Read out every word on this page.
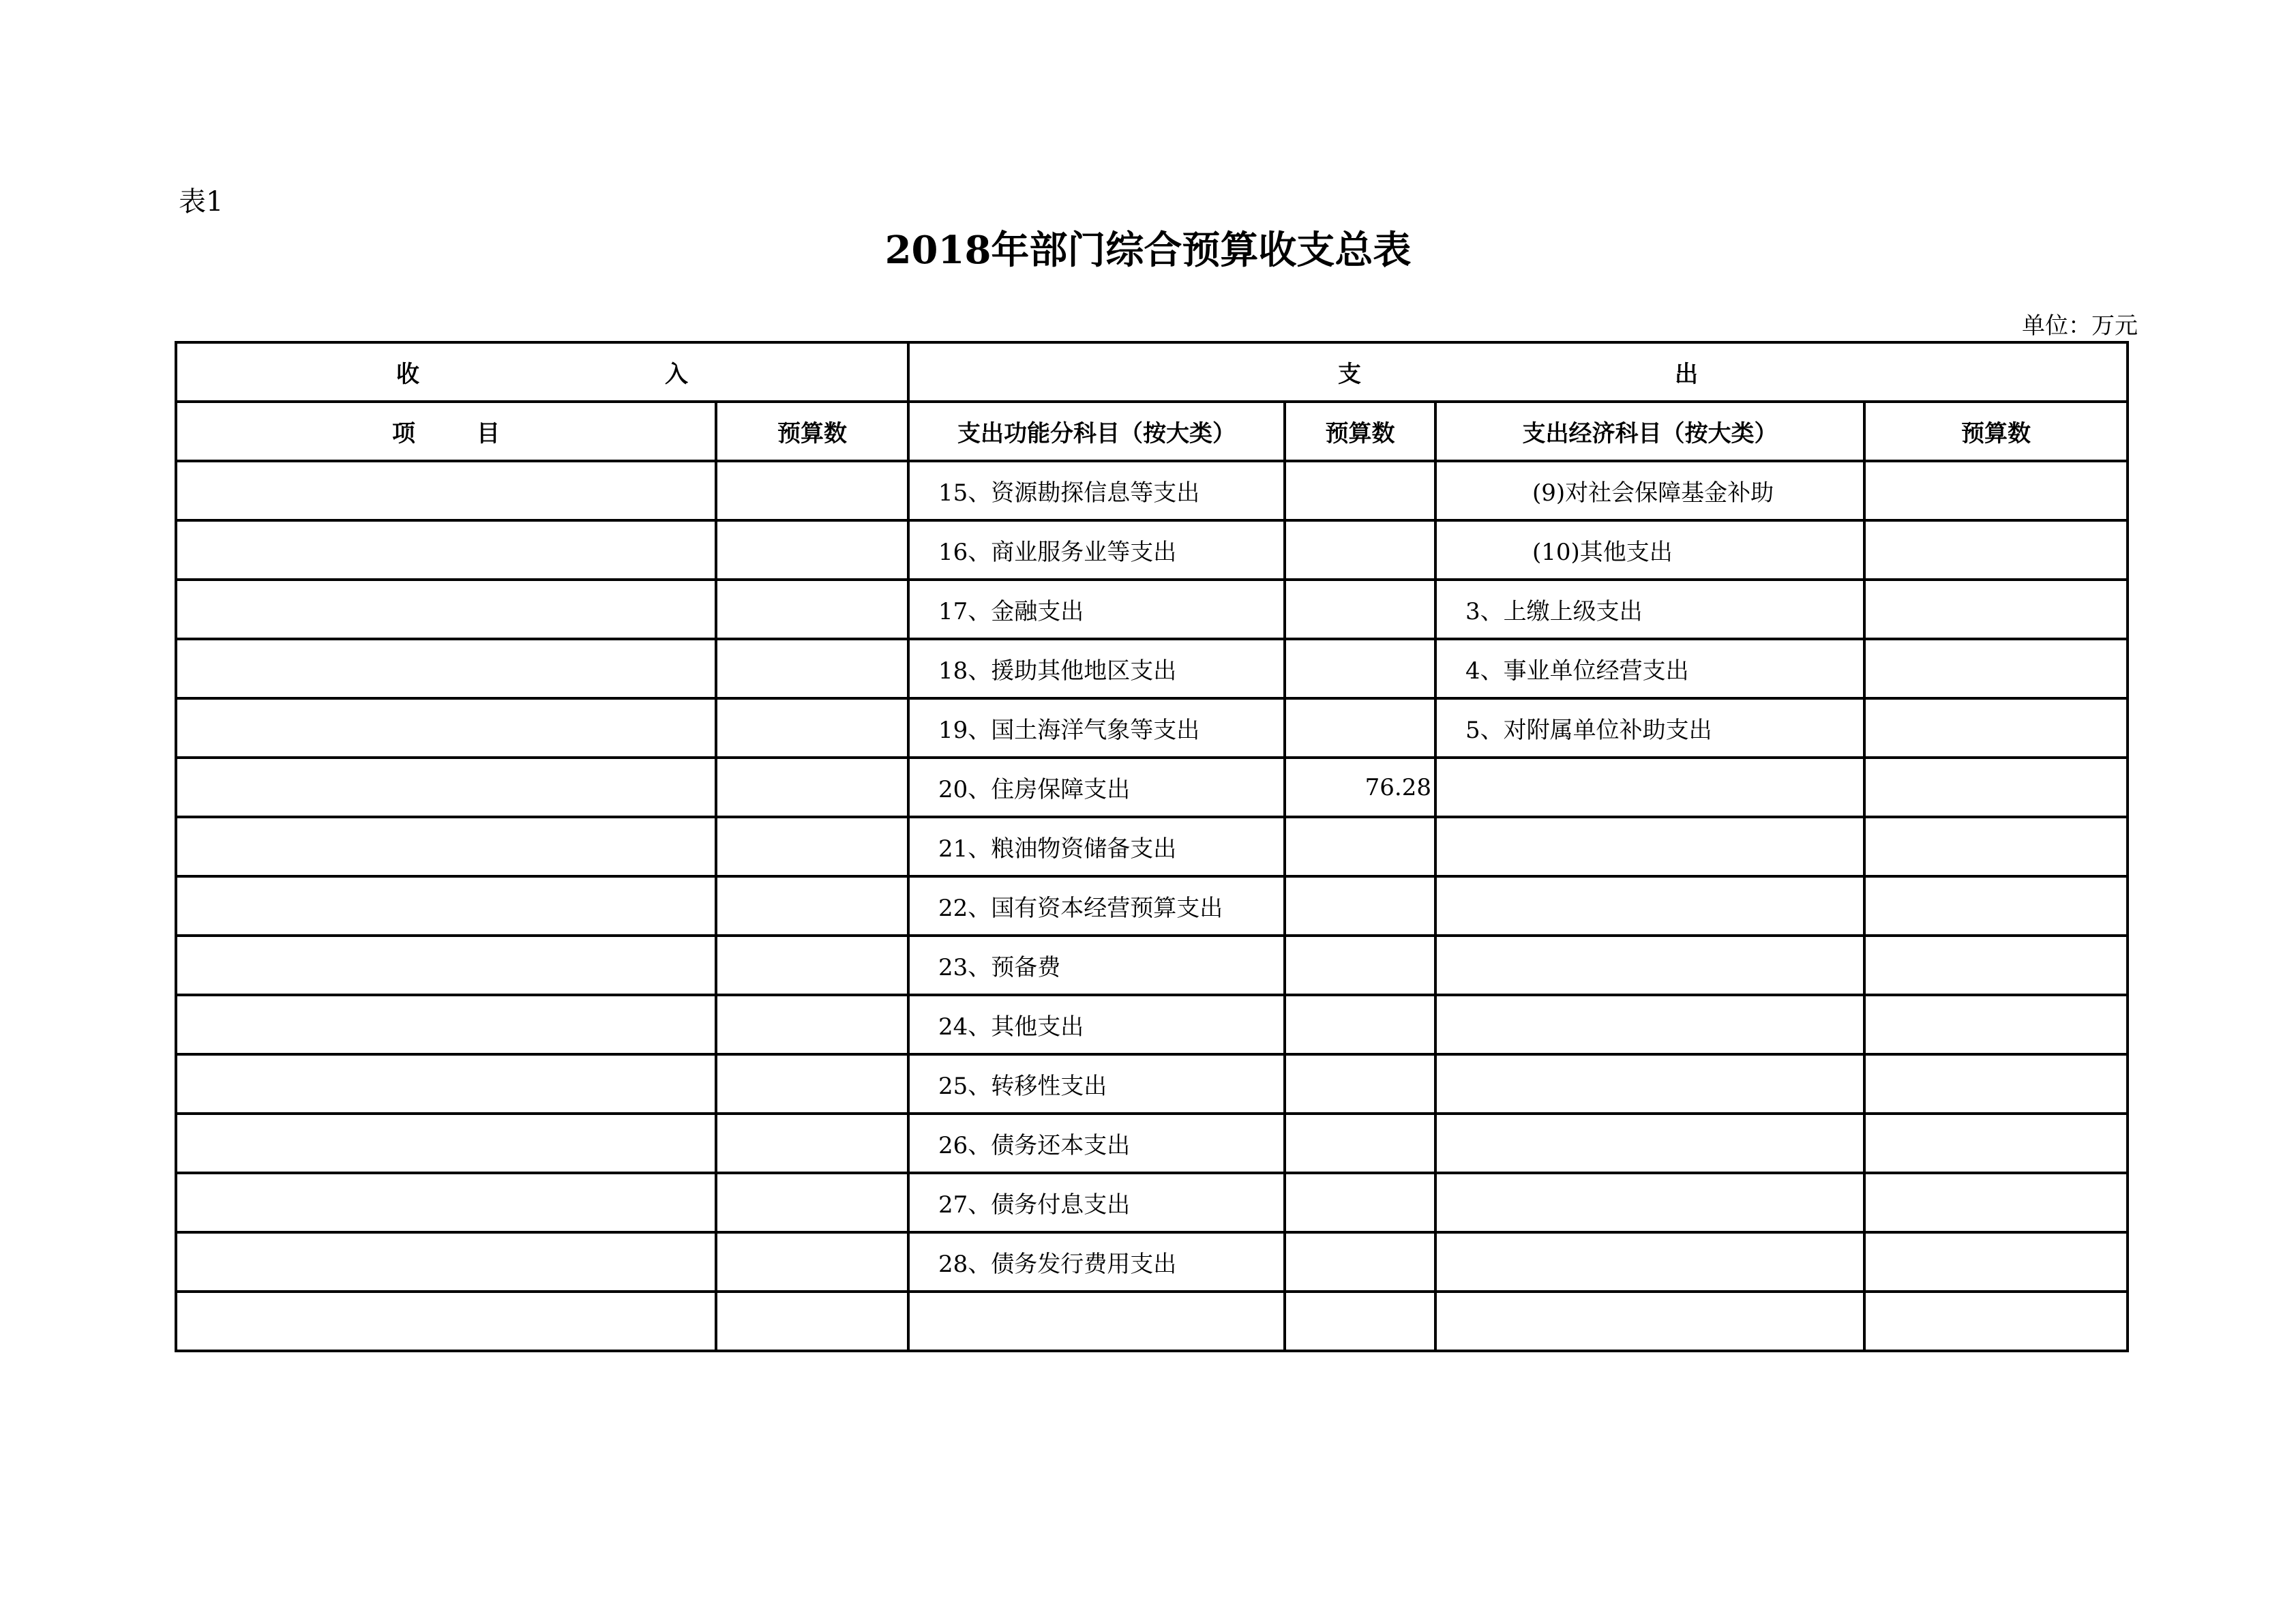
表1
2018年部门综合预算收支总表
单位：万元
收 入		支 出			
项 目	预算数	支出功能分科目（按大类）	预算数	支出经济科目（按大类）	预算数
		15、资源勘探信息等支出		(9)对社会保障基金补助	
		16、商业服务业等支出		(10)其他支出	
		17、金融支出		3、上缴上级支出	
		18、援助其他地区支出		4、事业单位经营支出	
		19、国土海洋气象等支出		5、对附属单位补助支出	
		20、住房保障支出	76.28		
		21、粮油物资储备支出			
		22、国有资本经营预算支出			
		23、预备费			
		24、其他支出			
		25、转移性支出			
		26、债务还本支出			
		27、债务付息支出			
		28、债务发行费用支出			
